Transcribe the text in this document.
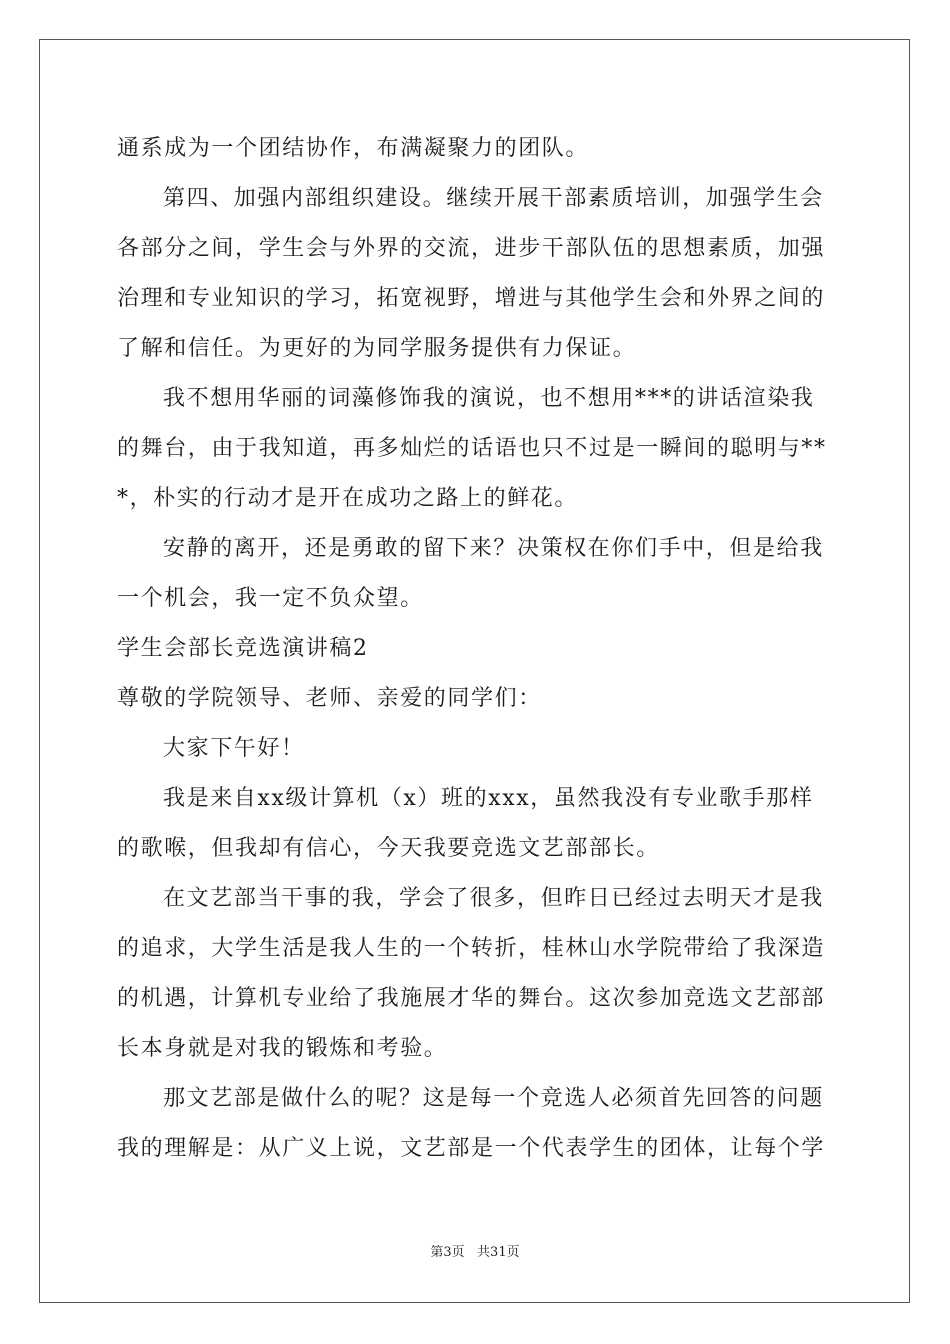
通系成为一个团结协作，布满凝聚力的团队。
第四、加强内部组织建设。继续开展干部素质培训，加强学生会
各部分之间，学生会与外界的交流，进步干部队伍的思想素质，加强
治理和专业知识的学习，拓宽视野，增进与其他学生会和外界之间的
了解和信任。为更好的为同学服务提供有力保证。
我不想用华丽的词藻修饰我的演说，也不想用***的讲话渲染我
的舞台，由于我知道，再多灿烂的话语也只不过是一瞬间的聪明与**
*，朴实的行动才是开在成功之路上的鲜花。
安静的离开，还是勇敢的留下来？决策权在你们手中，但是给我
一个机会，我一定不负众望。
学生会部长竞选演讲稿2
尊敬的学院领导、老师、亲爱的同学们：
大家下午好！
我是来自xx级计算机（x）班的xxx，虽然我没有专业歌手那样
的歌喉，但我却有信心，今天我要竞选文艺部部长。
在文艺部当干事的我，学会了很多，但昨日已经过去明天才是我
的追求，大学生活是我人生的一个转折，桂林山水学院带给了我深造
的机遇，计算机专业给了我施展才华的舞台。这次参加竞选文艺部部
长本身就是对我的锻炼和考验。
那文艺部是做什么的呢？这是每一个竞选人必须首先回答的问题
我的理解是：从广义上说，文艺部是一个代表学生的团体，让每个学
第3页   共31页
